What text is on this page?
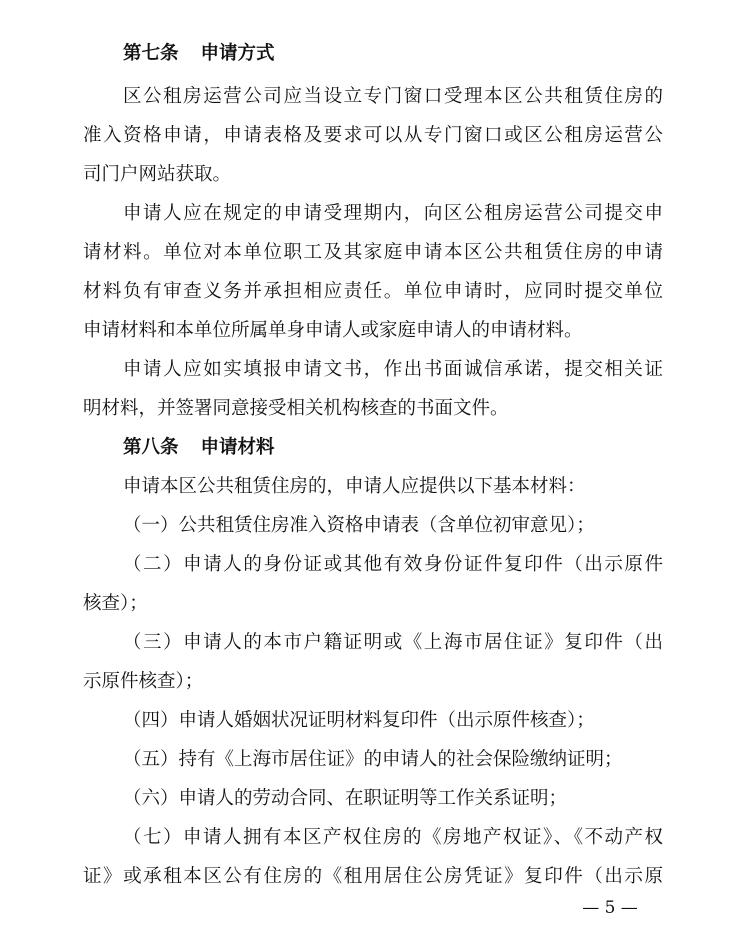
第七条 申请方式
区公租房运营公司应当设立专门窗口受理本区公共租赁住房的
准入资格申请，申请表格及要求可以从专门窗口或区公租房运营公
司门户网站获取。
申请人应在规定的申请受理期内，向区公租房运营公司提交申
请材料。单位对本单位职工及其家庭申请本区公共租赁住房的申请
材料负有审查义务并承担相应责任。单位申请时，应同时提交单位
申请材料和本单位所属单身申请人或家庭申请人的申请材料。
申请人应如实填报申请文书，作出书面诚信承诺，提交相关证
明材料，并签署同意接受相关机构核查的书面文件。
第八条 申请材料
申请本区公共租赁住房的，申请人应提供以下基本材料：
（一）公共租赁住房准入资格申请表（含单位初审意见）；
（二）申请人的身份证或其他有效身份证件复印件（出示原件
核查）；
（三）申请人的本市户籍证明或《上海市居住证》复印件（出
示原件核查）；
（四）申请人婚姻状况证明材料复印件（出示原件核查）；
（五）持有《上海市居住证》的申请人的社会保险缴纳证明；
（六）申请人的劳动合同、在职证明等工作关系证明；
（七）申请人拥有本区产权住房的《房地产权证》、《不动产权
证》或承租本区公有住房的《租用居住公房凭证》复印件（出示原
— 5 —
